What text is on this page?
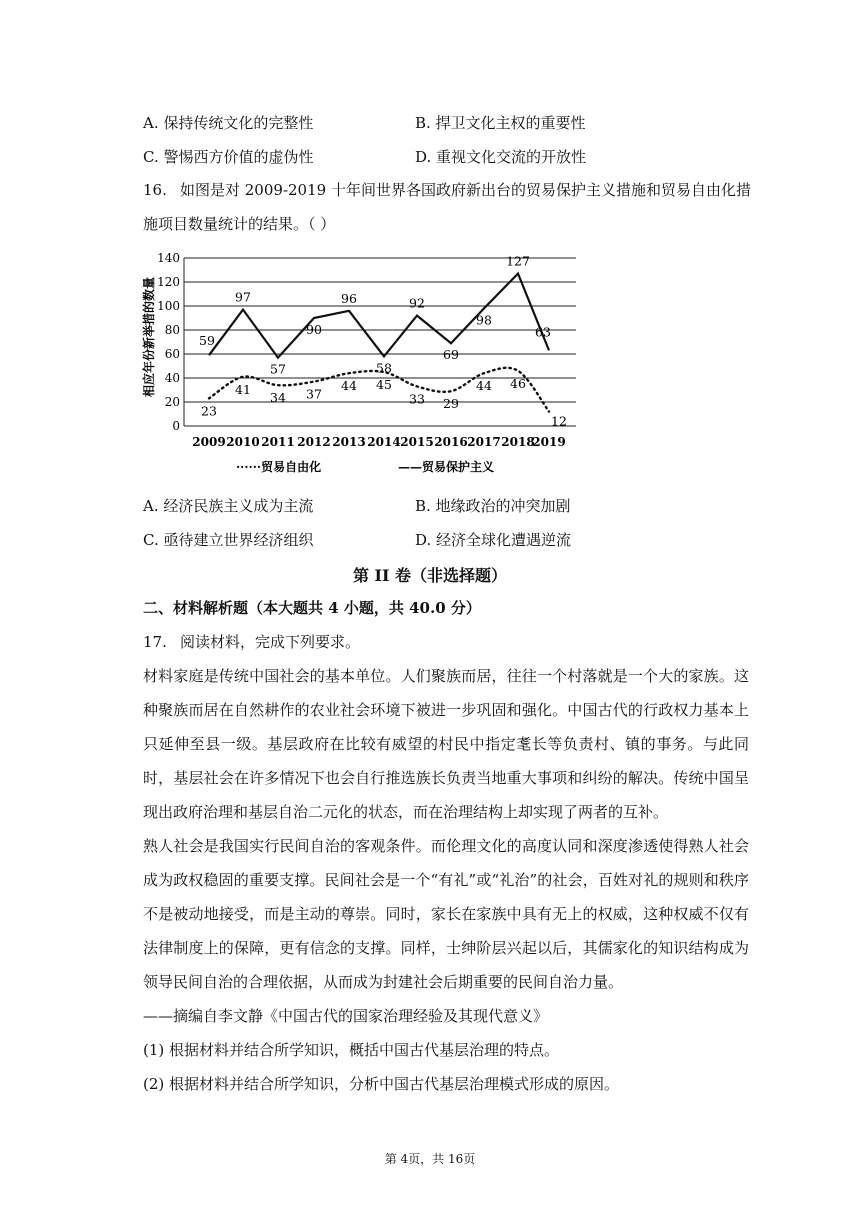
A. 保持传统文化的完整性	B. 捍卫文化主权的重要性
C. 警惕西方价值的虚伪性	D. 重视文化交流的开放性
16. 如图是对 2009-2019 十年间世界各国政府新出台的贸易保护主义措施和贸易自由化措
施项目数量统计的结果。（ ）
0
20
40
60
80
100
120
140
2009 2010 2011 2012 2013 2014 2015 2016 2017 2018
2019
59
97
57
90
96
58
92
69
98
127
63
23
41
34 37
44 45
33 29
44 46
12
相应年份新举措的数量
······贸易自由化	——贸易保护主义
A. 经济民族主义成为主流	B. 地缘政治的冲突加剧
C. 亟待建立世界经济组织	D. 经济全球化遭遇逆流
第 II 卷（非选择题）
二、材料解析题（本大题共 4 小题，共 40.0 分）
17. 阅读材料，完成下列要求。
材料家庭是传统中国社会的基本单位。人们聚族而居，往往一个村落就是一个大的家族。这种聚族而居在自然耕作的农业社会环境下被进一步巩固和强化。中国古代的行政权力基本上只延伸至县一级。基层政府在比较有威望的村民中指定耄长等负责村、镇的事务。与此同时，基层社会在许多情况下也会自行推选族长负责当地重大事项和纠纷的解决。传统中国呈现出政府治理和基层自治二元化的状态，而在治理结构上却实现了两者的互补。
熟人社会是我国实行民间自治的客观条件。而伦理文化的高度认同和深度渗透使得熟人社会成为政权稳固的重要支撑。民间社会是一个“有礼”或“礼治”的社会，百姓对礼的规则和秩序不是被动地接受，而是主动的尊崇。同时，家长在家族中具有无上的权威，这种权威不仅有法律制度上的保障，更有信念的支撑。同样，士绅阶层兴起以后，其儒家化的知识结构成为领导民间自治的合理依据，从而成为封建社会后期重要的民间自治力量。
——摘编自李文静《中国古代的国家治理经验及其现代意义》
(1) 根据材料并结合所学知识，概括中国古代基层治理的特点。
(2) 根据材料并结合所学知识，分析中国古代基层治理模式形成的原因。
第 4页，共 16页
